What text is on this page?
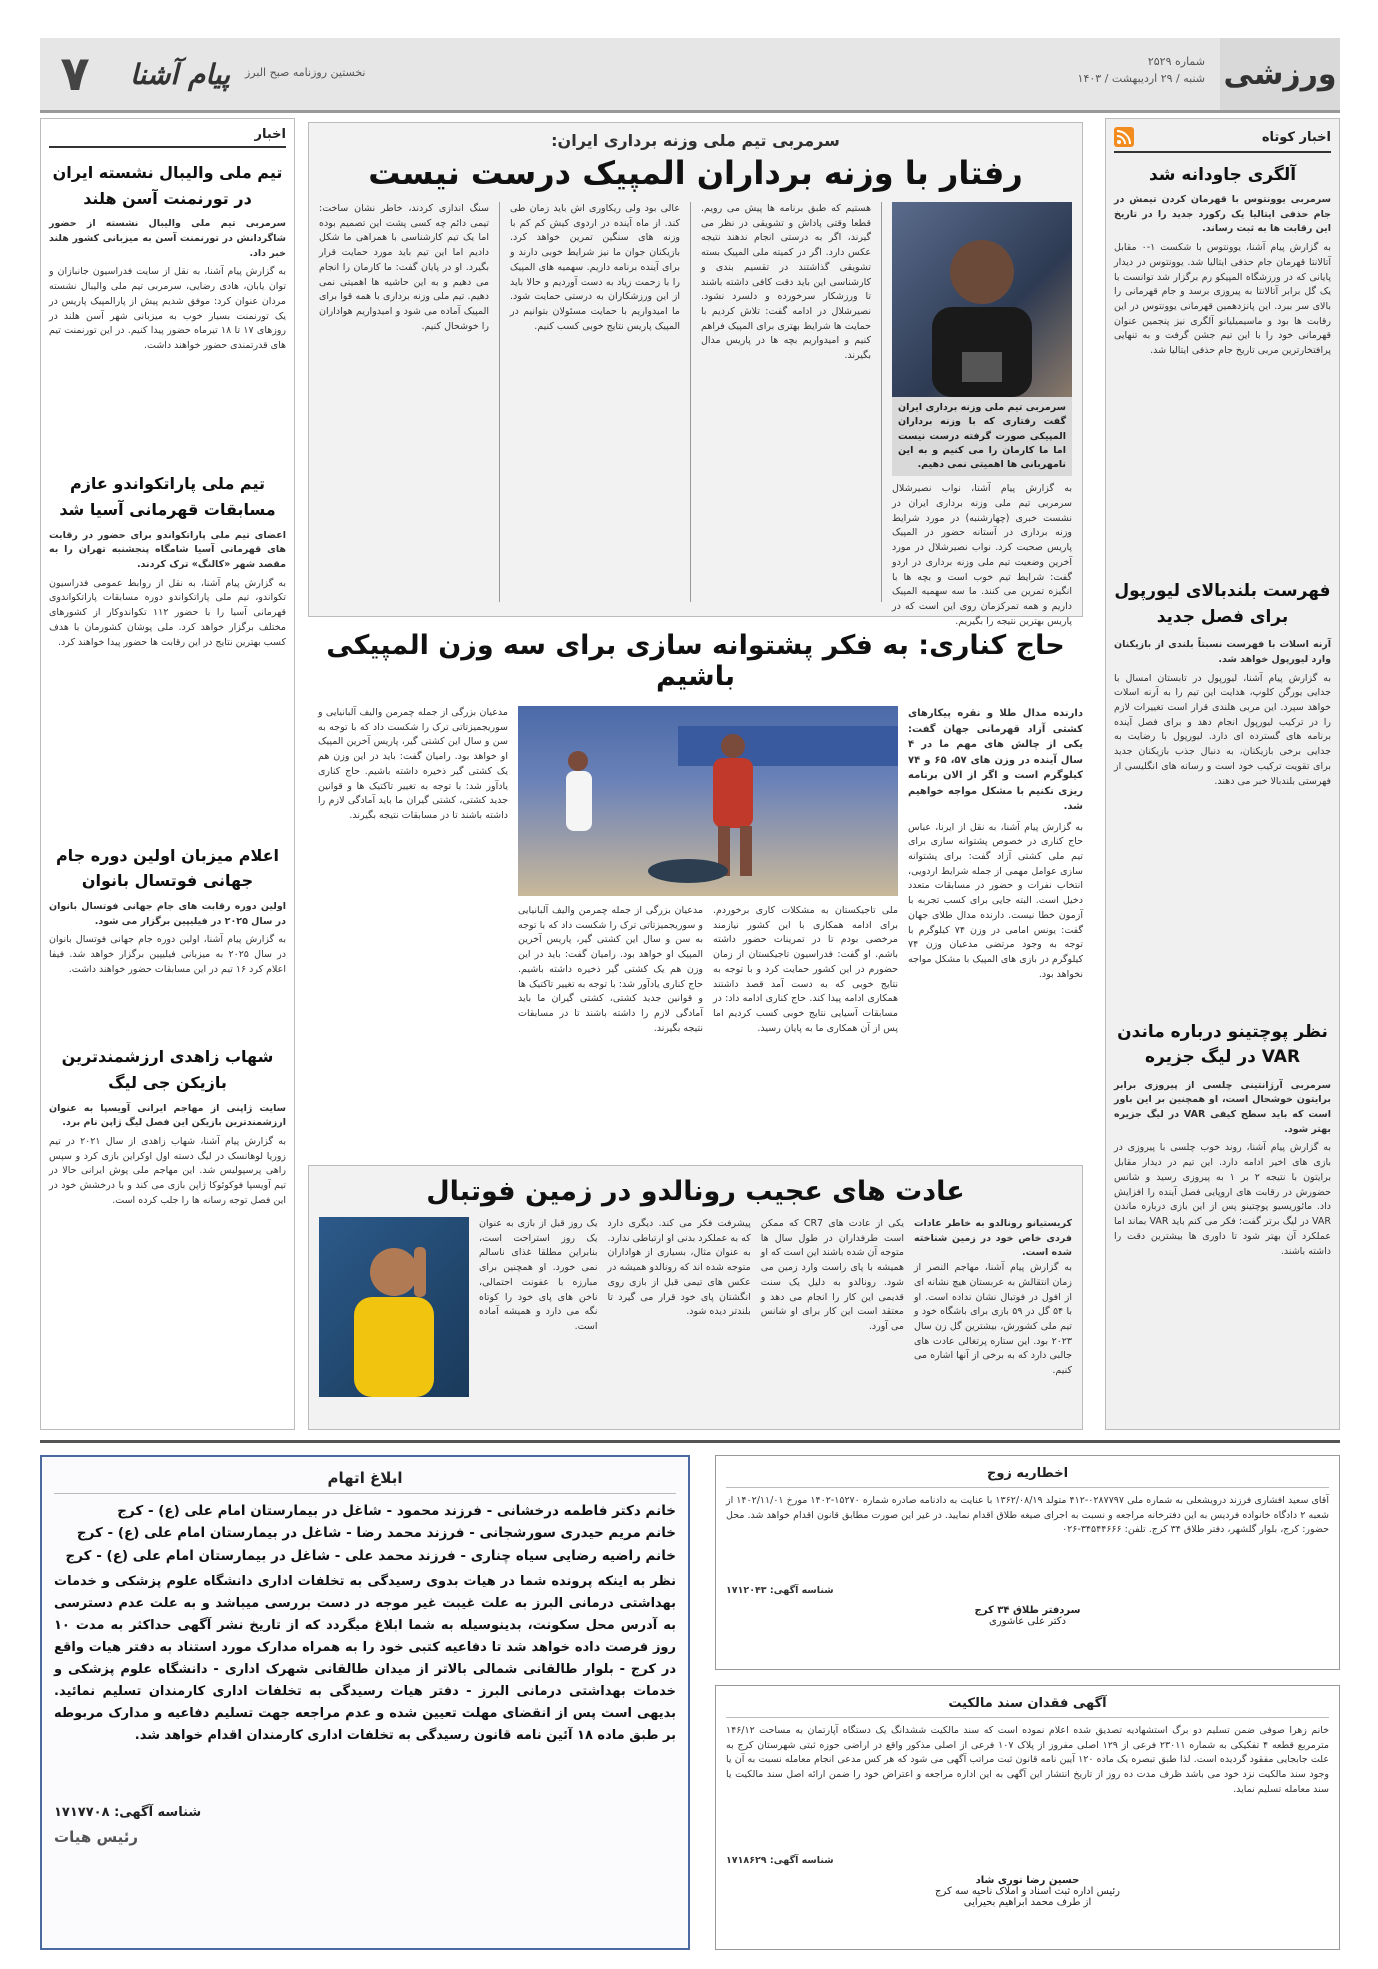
ورزشی
شماره ۲۵۲۹
شنبه / ۲۹ اردیبهشت / ۱۴۰۳
۷	پیام آشنا	نخستین روزنامه صبح البرز
اخبار کوتاه
آلگری جاودانه شد
سرمربی یوونتوس با قهرمان کردن تیمش در جام حذفی ایتالیا یک رکورد جدید را در تاریخ این رقابت ها به ثبت رساند.
به گزارش پیام آشنا، یوونتوس با شکست ۱-۰ مقابل آتالانتا قهرمان جام حذفی ایتالیا شد. یوونتوس در دیدار پایانی که در ورزشگاه المپیکو رم برگزار شد توانست با یک گل برابر آتالانتا به پیروزی برسد و جام قهرمانی را بالای سر ببرد. این پانزدهمین قهرمانی یوونتوس در این رقابت ها بود و ماسیمیلیانو آلگری نیز پنجمین عنوان قهرمانی خود را با این تیم جشن گرفت و به تنهایی پرافتخارترین مربی تاریخ جام حذفی ایتالیا شد.
فهرست بلندبالای لیورپول برای فصل جدید
آرنه اسلات با فهرست نسبتاً بلندی از بازیکنان وارد لیورپول خواهد شد.
به گزارش پیام آشنا، لیورپول در تابستان امسال با جدایی یورگن کلوپ، هدایت این تیم را به آرنه اسلات خواهد سپرد. این مربی هلندی قرار است تغییرات لازم را در ترکیب لیورپول انجام دهد و برای فصل آینده برنامه های گسترده ای دارد. لیورپول با رضایت به جدایی برخی بازیکنان، به دنبال جذب بازیکنان جدید برای تقویت ترکیب خود است و رسانه های انگلیسی از فهرستی بلندبالا خبر می دهند.
نظر پوچتینو درباره ماندن VAR در لیگ جزیره
سرمربی آرژانتینی چلسی از پیروزی برابر برایتون خوشحال است، او همچنین بر این باور است که باید سطح کیفی VAR در لیگ جزیره بهتر شود.
به گزارش پیام آشنا، روند خوب چلسی با پیروزی در بازی های اخیر ادامه دارد. این تیم در دیدار مقابل برایتون با نتیجه ۲ بر ۱ به پیروزی رسید و شانس حضورش در رقابت های اروپایی فصل آینده را افزایش داد. مائوریسیو پوچتینو پس از این بازی درباره ماندن VAR در لیگ برتر گفت: فکر می کنم باید VAR بماند اما عملکرد آن بهتر شود تا داوری ها بیشترین دقت را داشته باشند.
سرمربی تیم ملی وزنه برداری ایران:
رفتار با وزنه برداران المپیک درست نیست
سرمربی تیم ملی وزنه برداری ایران گفت رفتاری که با وزنه برداران المپیکی صورت گرفته درست نیست اما ما کارمان را می کنیم و به این نامهربانی ها اهمیتی نمی دهیم.
به گزارش پیام آشنا، نواب نصیرشلال سرمربی تیم ملی وزنه برداری ایران در نشست خبری (چهارشنبه) در مورد شرایط وزنه برداری در آستانه حضور در المپیک پاریس صحبت کرد. نواب نصیرشلال در مورد آخرین وضعیت تیم ملی وزنه برداری در اردو گفت: شرایط تیم خوب است و بچه ها با انگیزه تمرین می کنند. ما سه سهمیه المپیک داریم و همه تمرکزمان روی این است که در پاریس بهترین نتیجه را بگیریم.
هستیم که طبق برنامه ها پیش می رویم. قطعا وقتی پاداش و تشویقی در نظر می گیرند، اگر به درستی انجام ندهند نتیجه عکس دارد. اگر در کمیته ملی المپیک بسته تشویقی گذاشتند در تقسیم بندی و کارشناسی این باید دقت کافی داشته باشند تا ورزشکار سرخورده و دلسرد نشود. نصیرشلال در ادامه گفت: تلاش کردیم با حمایت ها شرایط بهتری برای المپیک فراهم کنیم و امیدواریم بچه ها در پاریس مدال بگیرند.
عالی بود ولی ریکاوری اش باید زمان طی کند. از ماه آینده در اردوی کیش کم کم با وزنه های سنگین تمرین خواهد کرد. بازیکنان جوان ما نیز شرایط خوبی دارند و برای آینده برنامه داریم. سهمیه های المپیک را با زحمت زیاد به دست آوردیم و حالا باید از این ورزشکاران به درستی حمایت شود. ما امیدواریم با حمایت مسئولان بتوانیم در المپیک پاریس نتایج خوبی کسب کنیم.
سنگ اندازی کردند، خاطر نشان ساخت: تیمی دائم چه کسی پشت این تصمیم بوده اما یک تیم کارشناسی با همراهی ما شکل دادیم اما این تیم باید مورد حمایت قرار بگیرد. او در پایان گفت: ما کارمان را انجام می دهیم و به این حاشیه ها اهمیتی نمی دهیم. تیم ملی وزنه برداری با همه قوا برای المپیک آماده می شود و امیدواریم هواداران را خوشحال کنیم.
حاج کناری: به فکر پشتوانه سازی برای سه وزن المپیکی باشیم
دارنده مدال طلا و نقره پیکارهای کشتی آزاد قهرمانی جهان گفت: یکی از چالش های مهم ما در ۴ سال آینده در وزن های ۵۷، ۶۵ و ۷۴ کیلوگرم است و اگر از الان برنامه ریزی نکنیم با مشکل مواجه خواهیم شد.
به گزارش پیام آشنا، به نقل از ایرنا، عباس حاج کناری در خصوص پشتوانه سازی برای تیم ملی کشتی آزاد گفت: برای پشتوانه سازی عوامل مهمی از جمله شرایط اردویی، انتخاب نفرات و حضور در مسابقات متعدد دخیل است. البته جایی برای کسب تجربه با آزمون خطا نیست. دارنده مدال طلای جهان گفت: یونس امامی در وزن ۷۴ کیلوگرم با توجه به وجود مرتضی مدعیان وزن ۷۴ کیلوگرم در بازی های المپیک با مشکل مواجه نخواهد بود.
ملی تاجیکستان به مشکلات کاری برخوردم. برای ادامه همکاری با این کشور نیازمند مرخصی بودم تا در تمرینات حضور داشته باشم. او گفت: فدراسیون تاجیکستان از زمان حضورم در این کشور حمایت کرد و با توجه به نتایج خوبی که به دست آمد قصد داشتند همکاری ادامه پیدا کند. حاج کناری ادامه داد: در مسابقات آسیایی نتایج خوبی کسب کردیم اما پس از آن همکاری ما به پایان رسید.
مدعیان بزرگی از جمله چمرمن والیف آلبانیایی و سوریجمیزتاتی ترک را شکست داد که با توجه به سن و سال این کشتی گیر، پاریس آخرین المپیک او خواهد بود. رامیان گفت: باید در این وزن هم یک کشتی گیر ذخیره داشته باشیم. حاج کناری یادآور شد: با توجه به تغییر تاکتیک ها و قوانین جدید کشتی، کشتی گیران ما باید آمادگی لازم را داشته باشند تا در مسابقات نتیجه بگیرند.
مدعیان بزرگی از جمله چمرمن والیف آلبانیایی و سوریجمیزتاتی ترک را شکست داد که با توجه به سن و سال این کشتی گیر، پاریس آخرین المپیک او خواهد بود. رامیان گفت: باید در این وزن هم یک کشتی گیر ذخیره داشته باشیم. حاج کناری یادآور شد: با توجه به تغییر تاکتیک ها و قوانین جدید کشتی، کشتی گیران ما باید آمادگی لازم را داشته باشند تا در مسابقات نتیجه بگیرند.
عادت های عجیب رونالدو در زمین فوتبال
کریستیانو رونالدو به خاطر عادات فردی خاص خود در زمین شناخته شده است.
به گزارش پیام آشنا، مهاجم النصر از زمان انتقالش به عربستان هیچ نشانه ای از افول در فوتبال نشان نداده است. او با ۵۴ گل در ۵۹ بازی برای باشگاه خود و تیم ملی کشورش، بیشترین گل زن سال ۲۰۲۳ بود. این ستاره پرتغالی عادت های جالبی دارد که به برخی از آنها اشاره می کنیم.
یکی از عادت های CR7 که ممکن است طرفداران در طول سال ها متوجه آن شده باشند این است که او همیشه با پای راست وارد زمین می شود. رونالدو به دلیل یک سنت قدیمی این کار را انجام می دهد و معتقد است این کار برای او شانس می آورد.
پیشرفت فکر می کند. دیگری دارد که به عملکرد بدنی او ارتباطی ندارد. به عنوان مثال، بسیاری از هواداران متوجه شده اند که رونالدو همیشه در عکس های تیمی قبل از بازی روی انگشتان پای خود قرار می گیرد تا بلندتر دیده شود.
یک روز قبل از بازی به عنوان یک روز استراحت است، بنابراین مطلقا غذای ناسالم نمی خورد. او همچنین برای مبارزه با عفونت احتمالی، ناخن های پای خود را کوتاه نگه می دارد و همیشه آماده است.
اخبار
تیم ملی والیبال نشسته ایران در تورنمنت آسن هلند
سرمربی تیم ملی والیبال نشسته از حضور شاگردانش در تورنمنت آسن به میزبانی کشور هلند خبر داد.
به گزارش پیام آشنا، به نقل از سایت فدراسیون جانبازان و توان یابان، هادی رضایی، سرمربی تیم ملی والیبال نشسته مردان عنوان کرد: موفق شدیم پیش از پارالمپیک پاریس در یک تورنمنت بسیار خوب به میزبانی شهر آسن هلند در روزهای ۱۷ تا ۱۸ تیرماه حضور پیدا کنیم. در این تورنمنت تیم های قدرتمندی حضور خواهند داشت.
تیم ملی پاراتکواندو عازم مسابقات قهرمانی آسیا شد
اعضای تیم ملی پاراتکواندو برای حضور در رقابت های قهرمانی آسیا شامگاه پنجشنبه تهران را به مقصد شهر «کالنگ» ترک کردند.
به گزارش پیام آشنا، به نقل از روابط عمومی فدراسیون تکواندو، تیم ملی پاراتکواندو دوره مسابقات پاراتکواندوی قهرمانی آسیا را با حضور ۱۱۲ تکواندوکار از کشورهای مختلف برگزار خواهد کرد. ملی پوشان کشورمان با هدف کسب بهترین نتایج در این رقابت ها حضور پیدا خواهند کرد.
اعلام میزبان اولین دوره جام جهانی فوتسال بانوان
اولین دوره رقابت های جام جهانی فوتسال بانوان در سال ۲۰۲۵ در فیلیپین برگزار می شود.
به گزارش پیام آشنا، اولین دوره جام جهانی فوتسال بانوان در سال ۲۰۲۵ به میزبانی فیلیپین برگزار خواهد شد. فیفا اعلام کرد ۱۶ تیم در این مسابقات حضور خواهند داشت.
شهاب زاهدی ارزشمندترین بازیکن جی لیگ
سایت ژاپنی از مهاجم ایرانی آویسپا به عنوان ارزشمندترین بازیکن این فصل لیگ ژاپن نام برد.
به گزارش پیام آشنا، شهاب زاهدی از سال ۲۰۲۱ در تیم زوریا لوهانسک در لیگ دسته اول اوکراین بازی کرد و سپس راهی پرسپولیس شد. این مهاجم ملی پوش ایرانی حالا در تیم آویسپا فوکوئوکا ژاپن بازی می کند و با درخشش خود در این فصل توجه رسانه ها را جلب کرده است.
اخطاریه زوج
آقای سعید افشاری فرزند درویشعلی به شماره ملی ۰۲۸۷۷۹۷-۴۱۲ متولد ۱۳۶۲/۰۸/۱۹ با عنایت به دادنامه صادره شماره ۱۵۲۷۰-۱۴۰۲ مورخ ۱۴۰۲/۱۱/۰۱ از شعبه ۲ دادگاه خانواده فردیس به این دفترخانه مراجعه و نسبت به اجرای صیغه طلاق اقدام نمایید. در غیر این صورت مطابق قانون اقدام خواهد شد. محل حضور: کرج، بلوار گلشهر، دفتر طلاق ۳۴ کرج. تلفن: ۳۴۵۴۴۶۶۶-۰۲۶
شناسه آگهی: ۱۷۱۲۰۴۳
سردفتر طلاق ۳۴ کرج
دکتر علی عاشوری
آگهی فقدان سند مالکیت
خانم زهرا صوفی ضمن تسلیم دو برگ استشهادیه تصدیق شده اعلام نموده است که سند مالکیت ششدانگ یک دستگاه آپارتمان به مساحت ۱۴۶/۱۲ مترمربع قطعه ۴ تفکیکی به شماره ۲۳۰۱۱ فرعی از ۱۲۹ اصلی مفروز از پلاک ۱۰۷ فرعی از اصلی مذکور واقع در اراضی حوزه ثبتی شهرستان کرج به علت جابجایی مفقود گردیده است. لذا طبق تبصره یک ماده ۱۲۰ آیین نامه قانون ثبت مراتب آگهی می شود که هر کس مدعی انجام معامله نسبت به آن یا وجود سند مالکیت نزد خود می باشد ظرف مدت ده روز از تاریخ انتشار این آگهی به این اداره مراجعه و اعتراض خود را ضمن ارائه اصل سند مالکیت یا سند معامله تسلیم نماید.
شناسه آگهی: ۱۷۱۸۶۲۹
حسین رضا نوری شاد
رئیس اداره ثبت اسناد و املاک ناحیه سه کرج
از طرف محمد ابراهیم بحیرایی
ابلاغ اتهام
خانم دکتر فاطمه درخشانی - فرزند محمود - شاغل در بیمارستان امام علی (ع) - کرج
خانم مریم حیدری سورشجانی - فرزند محمد رضا - شاغل در بیمارستان امام علی (ع) - کرج
خانم راضیه رضایی سیاه چناری - فرزند محمد علی - شاغل در بیمارستان امام علی (ع) - کرج
نظر به اینکه پرونده شما در هیات بدوی رسیدگی به تخلفات اداری دانشگاه علوم پزشکی و خدمات بهداشتی درمانی البرز به علت غیبت غیر موجه در دست بررسی میباشد و به علت عدم دسترسی به آدرس محل سکونت، بدینوسیله به شما ابلاغ میگردد که از تاریخ نشر آگهی حداکثر به مدت ۱۰ روز فرصت داده خواهد شد تا دفاعیه کتبی خود را به همراه مدارک مورد استناد به دفتر هیات واقع در کرج - بلوار طالقانی شمالی بالاتر از میدان طالقانی شهرک اداری - دانشگاه علوم پزشکی و خدمات بهداشتی درمانی البرز - دفتر هیات رسیدگی به تخلفات اداری کارمندان تسلیم نمائید. بدیهی است پس از انقضای مهلت تعیین شده و عدم مراجعه جهت تسلیم دفاعیه و مدارک مربوطه بر طبق ماده ۱۸ آئین نامه قانون رسیدگی به تخلفات اداری کارمندان اقدام خواهد شد.
شناسه آگهی: ۱۷۱۷۷۰۸
رئیس هیات
